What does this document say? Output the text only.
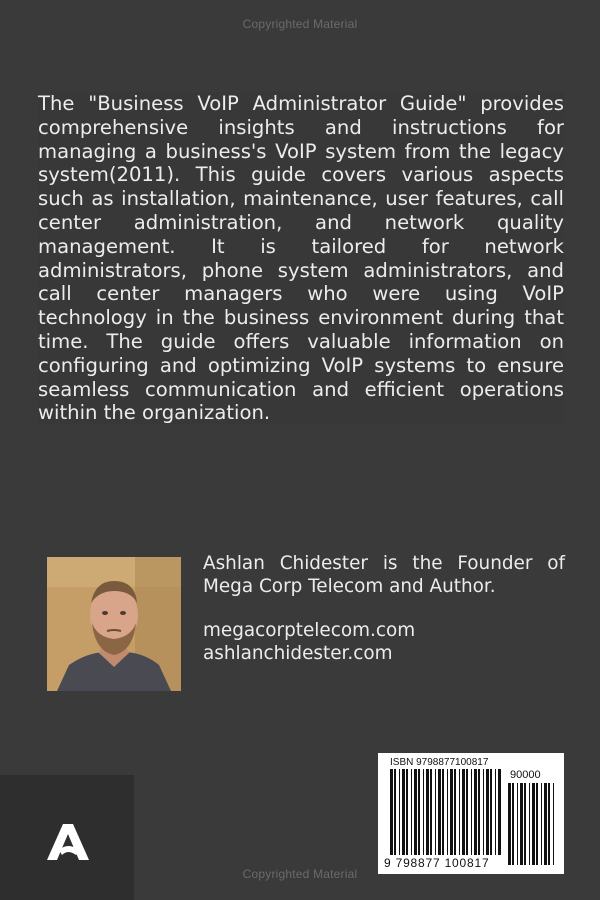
Copyrighted Material

The "Business VoIP Administrator Guide" provides comprehensive insights and instructions for managing a business's VoIP system from the legacy system(2011). This guide covers various aspects such as installation, maintenance, user features, call center administration, and network quality management. It is tailored for network administrators, phone system administrators, and call center managers who were using VoIP technology in the business environment during that time. The guide offers valuable information on configuring and optimizing VoIP systems to ensure seamless communication and efficient operations within the organization.

Ashlan Chidester is the Founder of Mega Corp Telecom and Author.

megacorptelecom.com
ashlanchidester.com
ISBN 9798877100817
90000
9 798877 100817
Copyrighted Material
